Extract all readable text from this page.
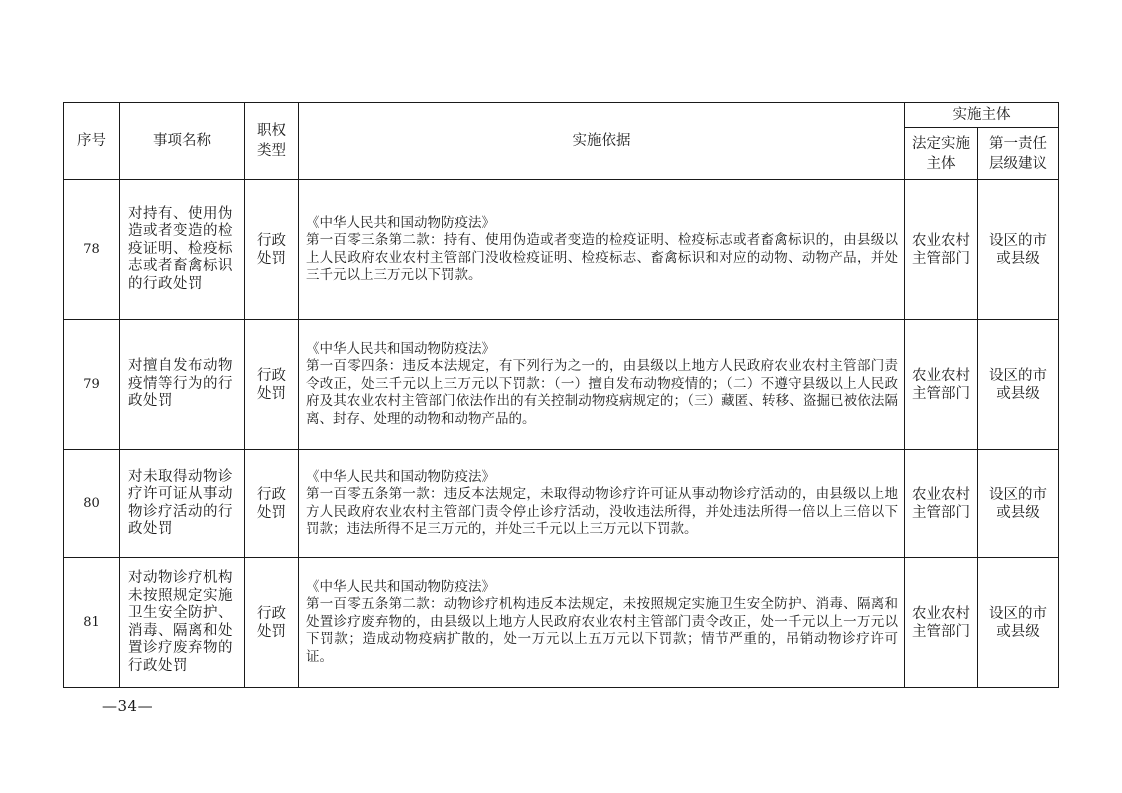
序号	事项名称	职权类型	实施依据	实施主体	

				法定实施主体	第一责任层级建议

78	对持有、使用伪造或者变造的检疫证明、检疫标志或者畜禽标识的行政处罚	行政处罚	《中华人民共和国动物防疫法》
第一百零三条第二款：持有、使用伪造或者变造的检疫证明、检疫标志或者畜禽标识的，由县级以上人民政府农业农村主管部门没收检疫证明、检疫标志、畜禽标识和对应的动物、动物产品，并处三千元以上三万元以下罚款。	农业农村主管部门	设区的市或县级

79	对擅自发布动物疫情等行为的行政处罚	行政处罚	《中华人民共和国动物防疫法》
第一百零四条：违反本法规定，有下列行为之一的，由县级以上地方人民政府农业农村主管部门责令改正，处三千元以上三万元以下罚款：（一）擅自发布动物疫情的；（二）不遵守县级以上人民政府及其农业农村主管部门依法作出的有关控制动物疫病规定的；（三）藏匿、转移、盗掘已被依法隔离、封存、处理的动物和动物产品的。	农业农村主管部门	设区的市或县级

80	对未取得动物诊疗许可证从事动物诊疗活动的行政处罚	行政处罚	《中华人民共和国动物防疫法》
第一百零五条第一款：违反本法规定，未取得动物诊疗许可证从事动物诊疗活动的，由县级以上地方人民政府农业农村主管部门责令停止诊疗活动，没收违法所得，并处违法所得一倍以上三倍以下罚款；违法所得不足三万元的，并处三千元以上三万元以下罚款。	农业农村主管部门	设区的市或县级

81	对动物诊疗机构未按照规定实施卫生安全防护、消毒、隔离和处置诊疗废弃物的行政处罚	行政处罚	《中华人民共和国动物防疫法》
第一百零五条第二款：动物诊疗机构违反本法规定，未按照规定实施卫生安全防护、消毒、隔离和处置诊疗废弃物的，由县级以上地方人民政府农业农村主管部门责令改正，处一千元以上一万元以下罚款；造成动物疫病扩散的，处一万元以上五万元以下罚款；情节严重的，吊销动物诊疗许可证。	农业农村主管部门	设区的市或县级
—34—
